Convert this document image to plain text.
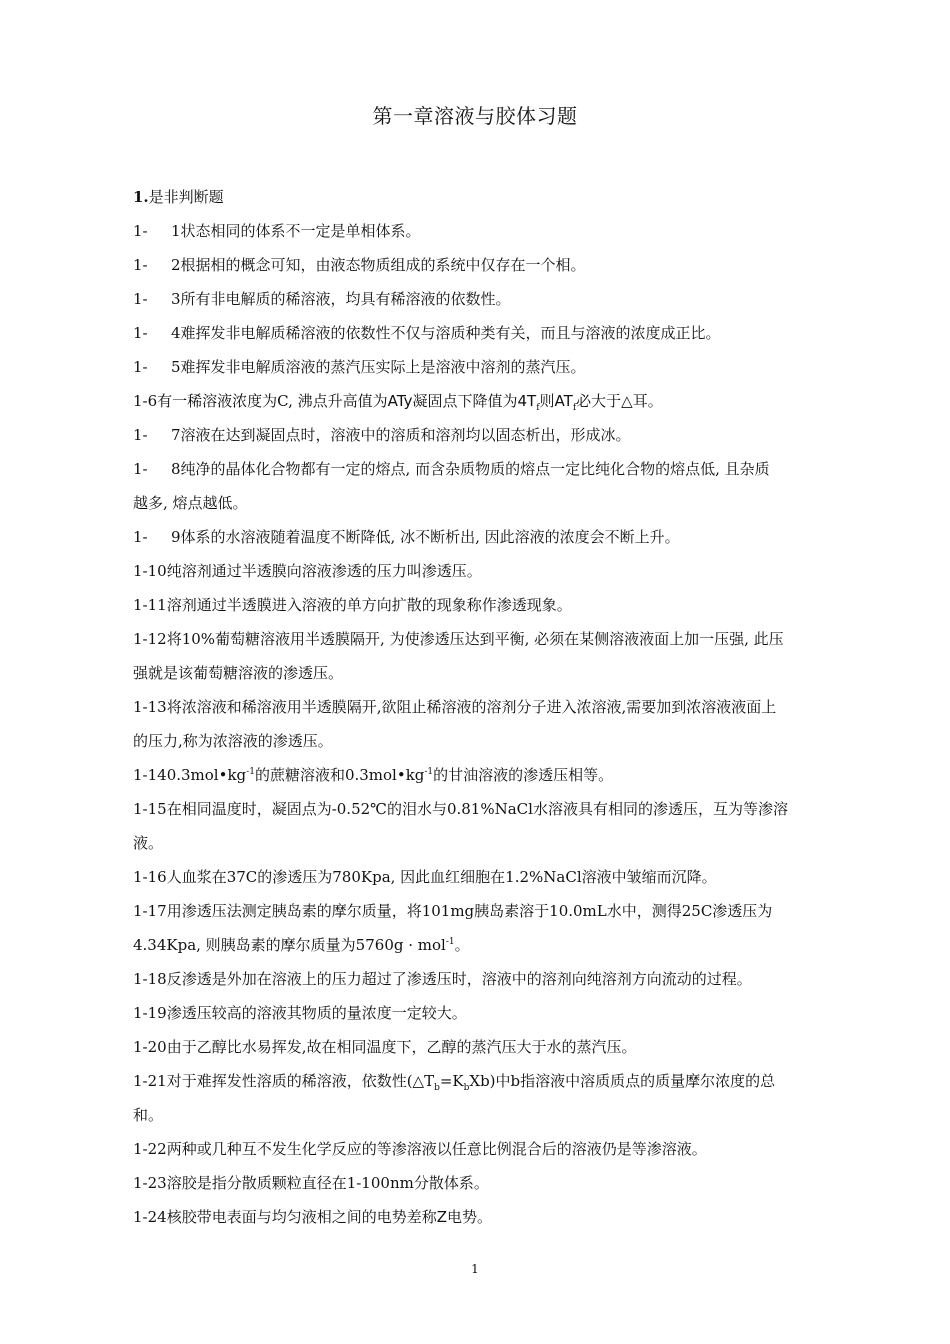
第一章溶液与胶体习题
1.是非判断题
1- 1状态相同的体系不一定是单相体系。
1- 2根据相的概念可知，由液态物质组成的系统中仅存在一个相。
1- 3所有非电解质的稀溶液，均具有稀溶液的依数性。
1- 4难挥发非电解质稀溶液的依数性不仅与溶质种类有关，而且与溶液的浓度成正比。
1- 5难挥发非电解质溶液的蒸汽压实际上是溶液中溶剂的蒸汽压。
1-6有一稀溶液浓度为C, 沸点升高值为ATy凝固点下降值为$4T_f$则$AT_f$必大于△耳。
1- 7溶液在达到凝固点时，溶液中的溶质和溶剂均以固态析出，形成冰。
1- 8纯净的晶体化合物都有一定的熔点, 而含杂质物质的熔点一定比纯化合物的熔点低, 且杂质
越多, 熔点越低。
1- 9体系的水溶液随着温度不断降低, 冰不断析出, 因此溶液的浓度会不断上升。
1-10纯溶剂通过半透膜向溶液渗透的压力叫渗透压。
1-11溶剂通过半透膜进入溶液的单方向扩散的现象称作渗透现象。
1-12将10%葡萄糖溶液用半透膜隔开, 为使渗透压达到平衡, 必须在某侧溶液液面上加一压强, 此压
强就是该葡萄糖溶液的渗透压。
1-13将浓溶液和稀溶液用半透膜隔开,欲阻止稀溶液的溶剂分子进入浓溶液,需要加到浓溶液液面上
的压力,称为浓溶液的渗透压。
$1-140.3mol•kg^{-1}$的蔗糖溶液和$0.3mol•kg^{-1}$的甘油溶液的渗透压相等。
1-15在相同温度时，凝固点为-0.52℃的泪水与0.81%NaCl水溶液具有相同的渗透压，互为等渗溶
液。
1-16人血浆在37C的渗透压为780Kpa, 因此血红细胞在1.2%NaCl溶液中皱缩而沉降。
1-17用渗透压法测定胰岛素的摩尔质量，将101mg胰岛素溶于10.0mL水中，测得25C渗透压为
4.34Kpa, 则胰岛素的摩尔质量为5760g · mol$^{-1}$。
1-18反渗透是外加在溶液上的压力超过了渗透压时，溶液中的溶剂向纯溶剂方向流动的过程。
1-19渗透压较高的溶液其物质的量浓度一定较大。
1-20由于乙醇比水易挥发,故在相同温度下，乙醇的蒸汽压大于水的蒸汽压。
1-21对于难挥发性溶质的稀溶液，依数性$(\triangle T_b=K_bXb)$中b指溶液中溶质质点的质量摩尔浓度的总
和。
1-22两种或几种互不发生化学反应的等渗溶液以任意比例混合后的溶液仍是等渗溶液。
1-23溶胶是指分散质颗粒直径在1-100nm分散体系。
1-24核胶带电表面与均匀液相之间的电势差称Z电势。
1
